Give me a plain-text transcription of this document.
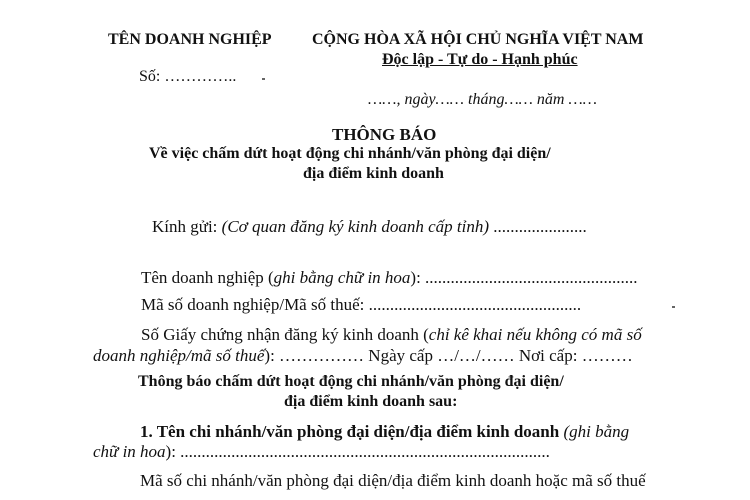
TÊN DOANH NGHIỆP	CỘNG HÒA XÃ HỘI CHỦ NGHĨA VIỆT NAM
Độc lập - Tự do - Hạnh phúc
Số: …………..
……, ngày…… tháng…… năm ……
THÔNG BÁO
Về việc chấm dứt hoạt động chi nhánh/văn phòng đại diện/
địa điểm kinh doanh
Kính gửi: (Cơ quan đăng ký kinh doanh cấp tỉnh) ......................
Tên doanh nghiệp (ghi bằng chữ in hoa): ..................................................
Mã số doanh nghiệp/Mã số thuế: ..................................................
Số Giấy chứng nhận đăng ký kinh doanh (chỉ kê khai nếu không có mã số
doanh nghiệp/mã số thuế): …………… Ngày cấp …/…/…… Nơi cấp: ………
Thông báo chấm dứt hoạt động chi nhánh/văn phòng đại diện/
địa điểm kinh doanh sau:
1. Tên chi nhánh/văn phòng đại diện/địa điểm kinh doanh (ghi bằng
chữ in hoa): .......................................................................................
Mã số chi nhánh/văn phòng đại diện/địa điểm kinh doanh hoặc mã số thuế
